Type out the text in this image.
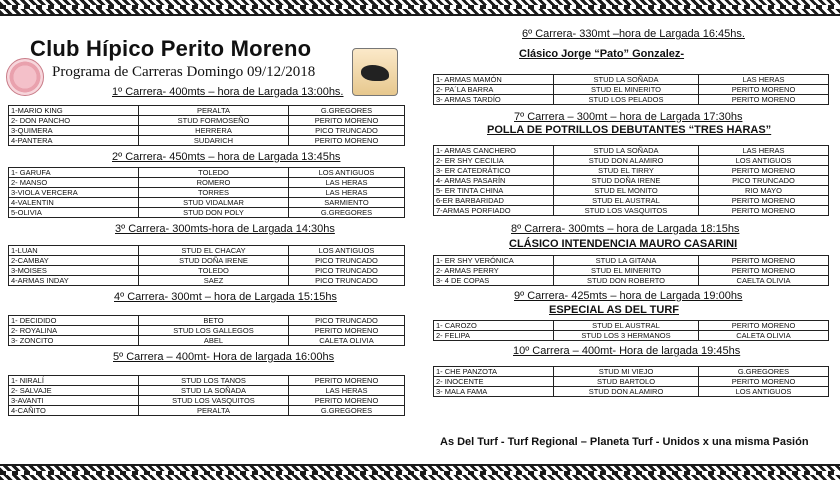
Club Hípico Perito Moreno
Programa de Carreras Domingo 09/12/2018
1º Carrera- 400mts – hora de Largada 13:00hs.
1-MARIO KING	PERALTA	G.GREGORES
2- DON PANCHO	STUD FORMOSEÑO	PERITO MORENO
3-QUIMERA	HERRERA	PICO TRUNCADO
4-PANTERA	SUDARICH	PERITO MORENO
2º Carrera- 450mts – hora de Largada 13:45hs
1- GARUFA	TOLEDO	LOS ANTIGUOS
2- MANSO	ROMERO	LAS HERAS
3-VIOLA VERCERA	TORRES	LAS HERAS
4-VALENTIN	STUD VIDALMAR	SARMIENTO
5-OLIVIA	STUD DON POLY	G.GREGORES
3º Carrera- 300mts-hora de Largada 14:30hs
1-LUAN	STUD EL CHACAY	LOS ANTIGUOS
2-CAMBAY	STUD DOÑA IRENE	PICO TRUNCADO
3-MOISES	TOLEDO	PICO TRUNCADO
4-ARMAS INDAY	SAEZ	PICO TRUNCADO
4º Carrera- 300mt – hora de Largada 15:15hs
1- DECIDIDO	BETO	PICO TRUNCADO
2- ROYALINA	STUD LOS GALLEGOS	PERITO MORENO
3- ZONCITO	ABEL	CALETA OLIVIA
5º Carrera – 400mt- Hora de largada 16:00hs
1- NIRALÍ	STUD LOS TANOS	PERITO MORENO
2- SALVAJE	STUD LA SOÑADA	LAS HERAS
3-AVANTI	STUD LOS VASQUITOS	PERITO MORENO
4-CAÑITO	PERALTA	G.GREGORES
6º Carrera- 330mt –hora de Largada 16:45hs.
Clásico Jorge “Pato” Gonzalez-
1- ARMAS MAMÓN	STUD LA SOÑADA	LAS HERAS
2- PA´LA BARRA	STUD EL MINERITO	PERITO MORENO
3- ARMAS TARDÍO	STUD LOS PELADOS	PERITO MORENO
7º Carrera – 300mt – hora de Largada 17:30hs
POLLA DE POTRILLOS DEBUTANTES “TRES HARAS”
1- ARMAS CANCHERO	STUD LA SOÑADA	LAS HERAS
2- ER SHY CECILIA	STUD DON ALAMIRO	LOS ANTIGUOS
3- ER CATEDRÁTICO	STUD EL TIRRY	PERITO MORENO
4- ARMAS PASARÍN	STUD DOÑA IRENE	PICO TRUNCADO
5- ER TINTA CHINA	STUD EL MONITO	RIO MAYO
6-ER BARBARIDAD	STUD EL AUSTRAL	PERITO MORENO
7-ARMAS PORFIADO	STUD LOS VASQUITOS	PERITO MORENO
8º Carrera- 300mts – hora de Largada 18:15hs
CLÁSICO INTENDENCIA MAURO CASARINI
1- ER SHY VERÓNICA	STUD LA GITANA	PERITO MORENO
2- ARMAS PERRY	STUD EL MINERITO	PERITO MORENO
3- 4 DE COPAS	STUD DON ROBERTO	CAELTA OLIVIA
9º Carrera- 425mts – hora de Largada 19:00hs
ESPECIAL AS DEL TURF
1- CAROZO	STUD EL AUSTRAL	PERITO MORENO
2- FELIPA	STUD LOS 3 HERMANOS	CALETA OLIVIA
10º Carrera – 400mt- Hora de largada 19:45hs
1- CHE PANZOTA	STUD MI VIEJO	G.GREGORES
2- INOCENTE	STUD BARTOLO	PERITO MORENO
3- MALA FAMA	STUD DON ALAMIRO	LOS ANTIGUOS
As Del Turf - Turf Regional – Planeta Turf - Unidos x una misma Pasión
